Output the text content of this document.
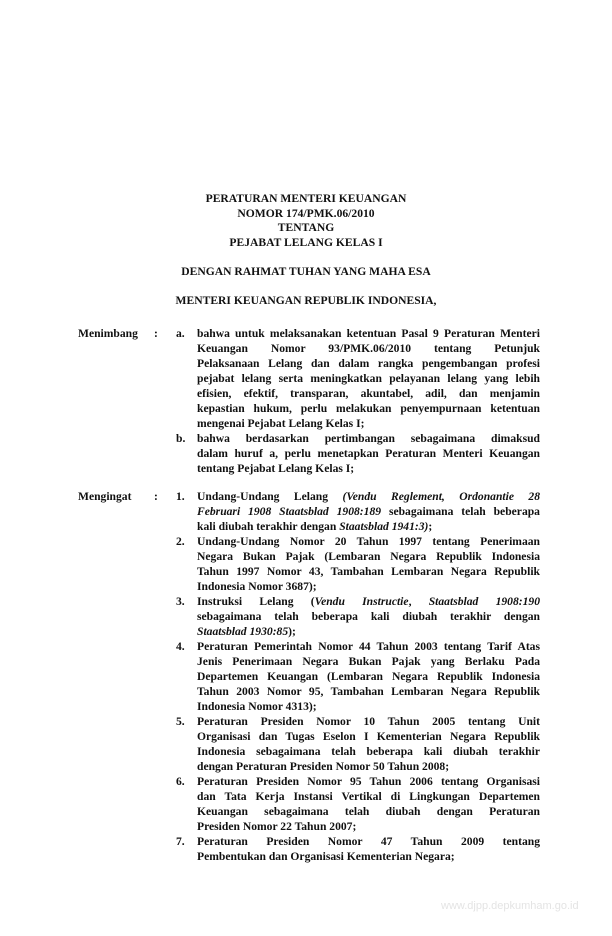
PERATURAN MENTERI KEUANGAN
NOMOR 174/PMK.06/2010
TENTANG
PEJABAT LELANG KELAS I
DENGAN RAHMAT TUHAN YANG MAHA ESA
MENTERI KEUANGAN REPUBLIK INDONESIA,
Menimbang : a. bahwa untuk melaksanakan ketentuan Pasal 9 Peraturan Menteri
Keuangan Nomor 93/PMK.06/2010 tentang Petunjuk
Pelaksanaan Lelang dan dalam rangka pengembangan profesi
pejabat lelang serta meningkatkan pelayanan lelang yang lebih
efisien, efektif, transparan, akuntabel, adil, dan menjamin
kepastian hukum, perlu melakukan penyempurnaan ketentuan
mengenai Pejabat Lelang Kelas I;
b. bahwa berdasarkan pertimbangan sebagaimana dimaksud
dalam huruf a, perlu menetapkan Peraturan Menteri Keuangan
tentang Pejabat Lelang Kelas I;
Mengingat : 1. Undang-Undang Lelang (Vendu Reglement, Ordonantie 28
Februari 1908 Staatsblad 1908:189 sebagaimana telah beberapa
kali diubah terakhir dengan Staatsblad 1941:3);
2. Undang-Undang Nomor 20 Tahun 1997 tentang Penerimaan
Negara Bukan Pajak (Lembaran Negara Republik Indonesia
Tahun 1997 Nomor 43, Tambahan Lembaran Negara Republik
Indonesia Nomor 3687);
3. Instruksi Lelang (Vendu Instructie, Staatsblad 1908:190
sebagaimana telah beberapa kali diubah terakhir dengan
Staatsblad 1930:85);
4. Peraturan Pemerintah Nomor 44 Tahun 2003 tentang Tarif Atas
Jenis Penerimaan Negara Bukan Pajak yang Berlaku Pada
Departemen Keuangan (Lembaran Negara Republik Indonesia
Tahun 2003 Nomor 95, Tambahan Lembaran Negara Republik
Indonesia Nomor 4313);
5. Peraturan Presiden Nomor 10 Tahun 2005 tentang Unit
Organisasi dan Tugas Eselon I Kementerian Negara Republik
Indonesia sebagaimana telah beberapa kali diubah terakhir
dengan Peraturan Presiden Nomor 50 Tahun 2008;
6. Peraturan Presiden Nomor 95 Tahun 2006 tentang Organisasi
dan Tata Kerja Instansi Vertikal di Lingkungan Departemen
Keuangan sebagaimana telah diubah dengan Peraturan
Presiden Nomor 22 Tahun 2007;
7. Peraturan Presiden Nomor 47 Tahun 2009 tentang
Pembentukan dan Organisasi Kementerian Negara;
www.djpp.depkumham.go.id
